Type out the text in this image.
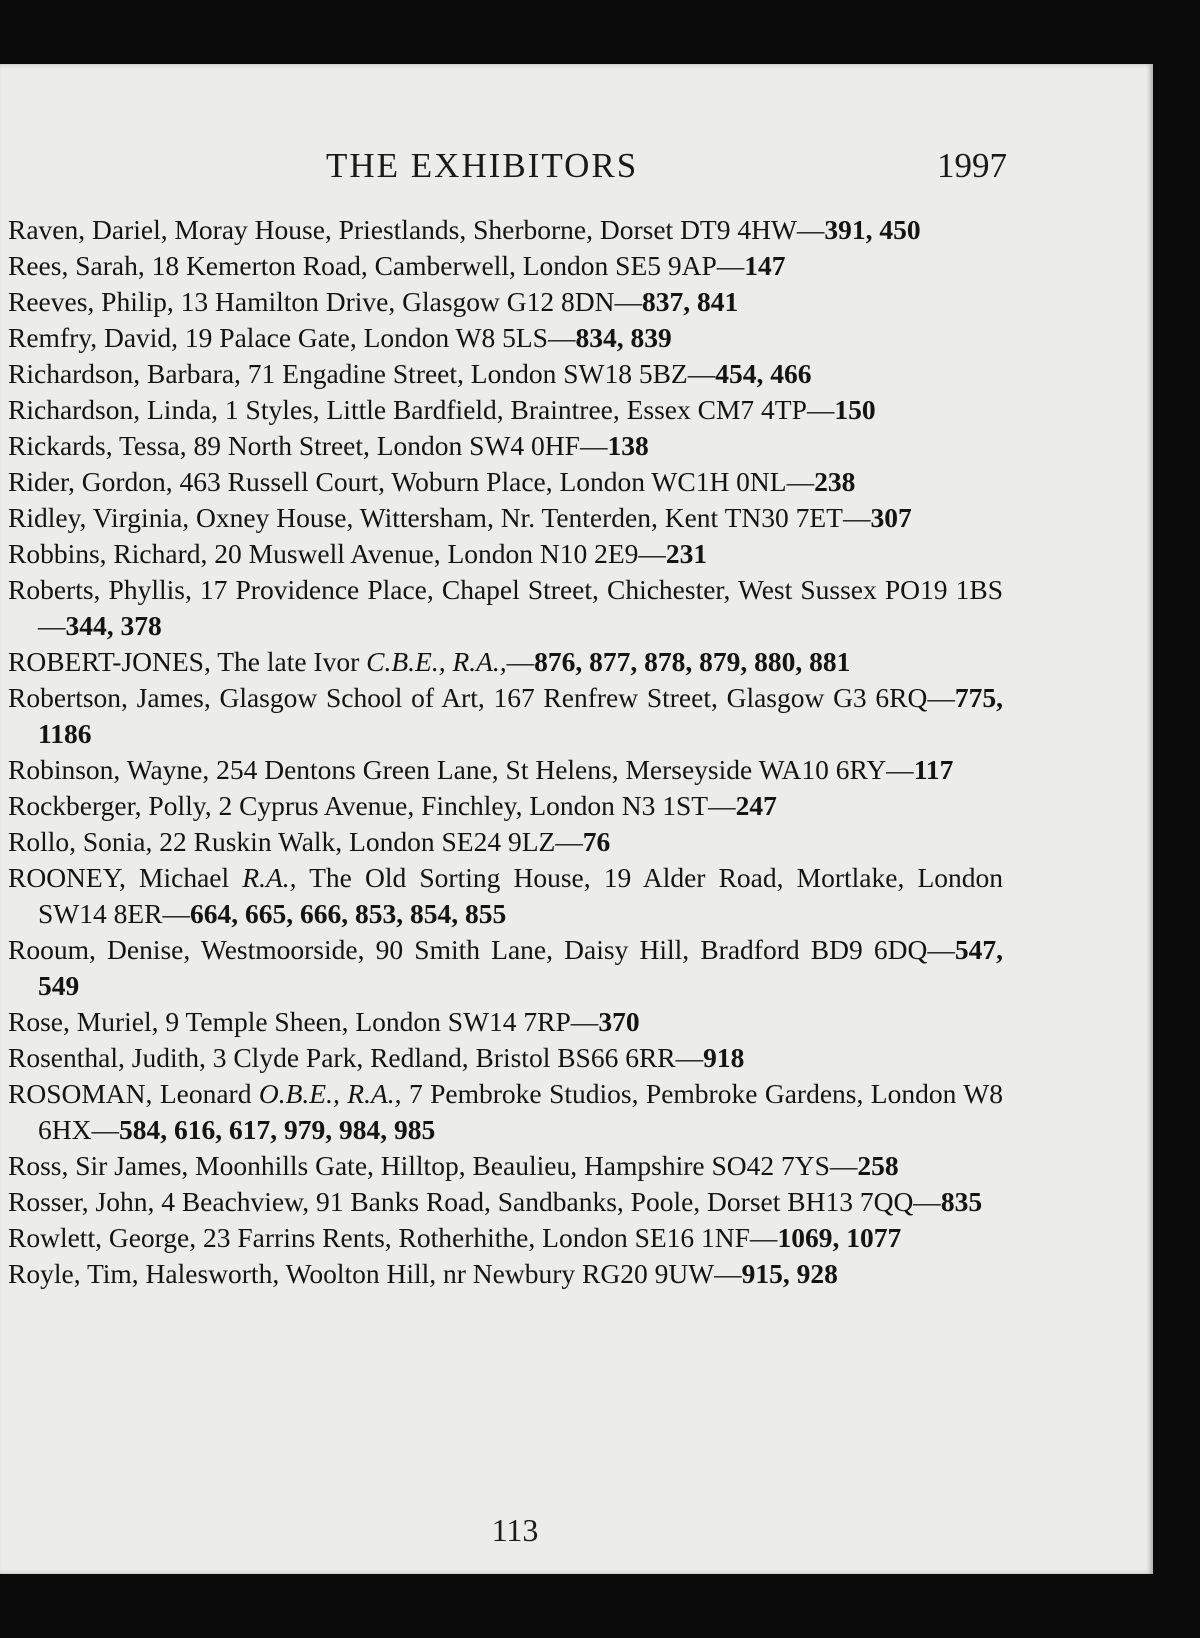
THE EXHIBITORS	1997
Raven, Dariel, Moray House, Priestlands, Sherborne, Dorset DT9 4HW—391, 450
Rees, Sarah, 18 Kemerton Road, Camberwell, London SE5 9AP—147
Reeves, Philip, 13 Hamilton Drive, Glasgow G12 8DN—837, 841
Remfry, David, 19 Palace Gate, London W8 5LS—834, 839
Richardson, Barbara, 71 Engadine Street, London SW18 5BZ—454, 466
Richardson, Linda, 1 Styles, Little Bardfield, Braintree, Essex CM7 4TP—150
Rickards, Tessa, 89 North Street, London SW4 0HF—138
Rider, Gordon, 463 Russell Court, Woburn Place, London WC1H 0NL—238
Ridley, Virginia, Oxney House, Wittersham, Nr. Tenterden, Kent TN30 7ET—307
Robbins, Richard, 20 Muswell Avenue, London N10 2E9—231
Roberts, Phyllis, 17 Providence Place, Chapel Street, Chichester, West Sussex PO19 1BS—344, 378
ROBERT-JONES, The late Ivor C.B.E., R.A.,—876, 877, 878, 879, 880, 881
Robertson, James, Glasgow School of Art, 167 Renfrew Street, Glasgow G3 6RQ—775, 1186
Robinson, Wayne, 254 Dentons Green Lane, St Helens, Merseyside WA10 6RY—117
Rockberger, Polly, 2 Cyprus Avenue, Finchley, London N3 1ST—247
Rollo, Sonia, 22 Ruskin Walk, London SE24 9LZ—76
ROONEY, Michael R.A., The Old Sorting House, 19 Alder Road, Mortlake, London SW14 8ER—664, 665, 666, 853, 854, 855
Rooum, Denise, Westmoorside, 90 Smith Lane, Daisy Hill, Bradford BD9 6DQ—547, 549
Rose, Muriel, 9 Temple Sheen, London SW14 7RP—370
Rosenthal, Judith, 3 Clyde Park, Redland, Bristol BS66 6RR—918
ROSOMAN, Leonard O.B.E., R.A., 7 Pembroke Studios, Pembroke Gardens, London W8 6HX—584, 616, 617, 979, 984, 985
Ross, Sir James, Moonhills Gate, Hilltop, Beaulieu, Hampshire SO42 7YS—258
Rosser, John, 4 Beachview, 91 Banks Road, Sandbanks, Poole, Dorset BH13 7QQ—835
Rowlett, George, 23 Farrins Rents, Rotherhithe, London SE16 1NF—1069, 1077
Royle, Tim, Halesworth, Woolton Hill, nr Newbury RG20 9UW—915, 928
113
